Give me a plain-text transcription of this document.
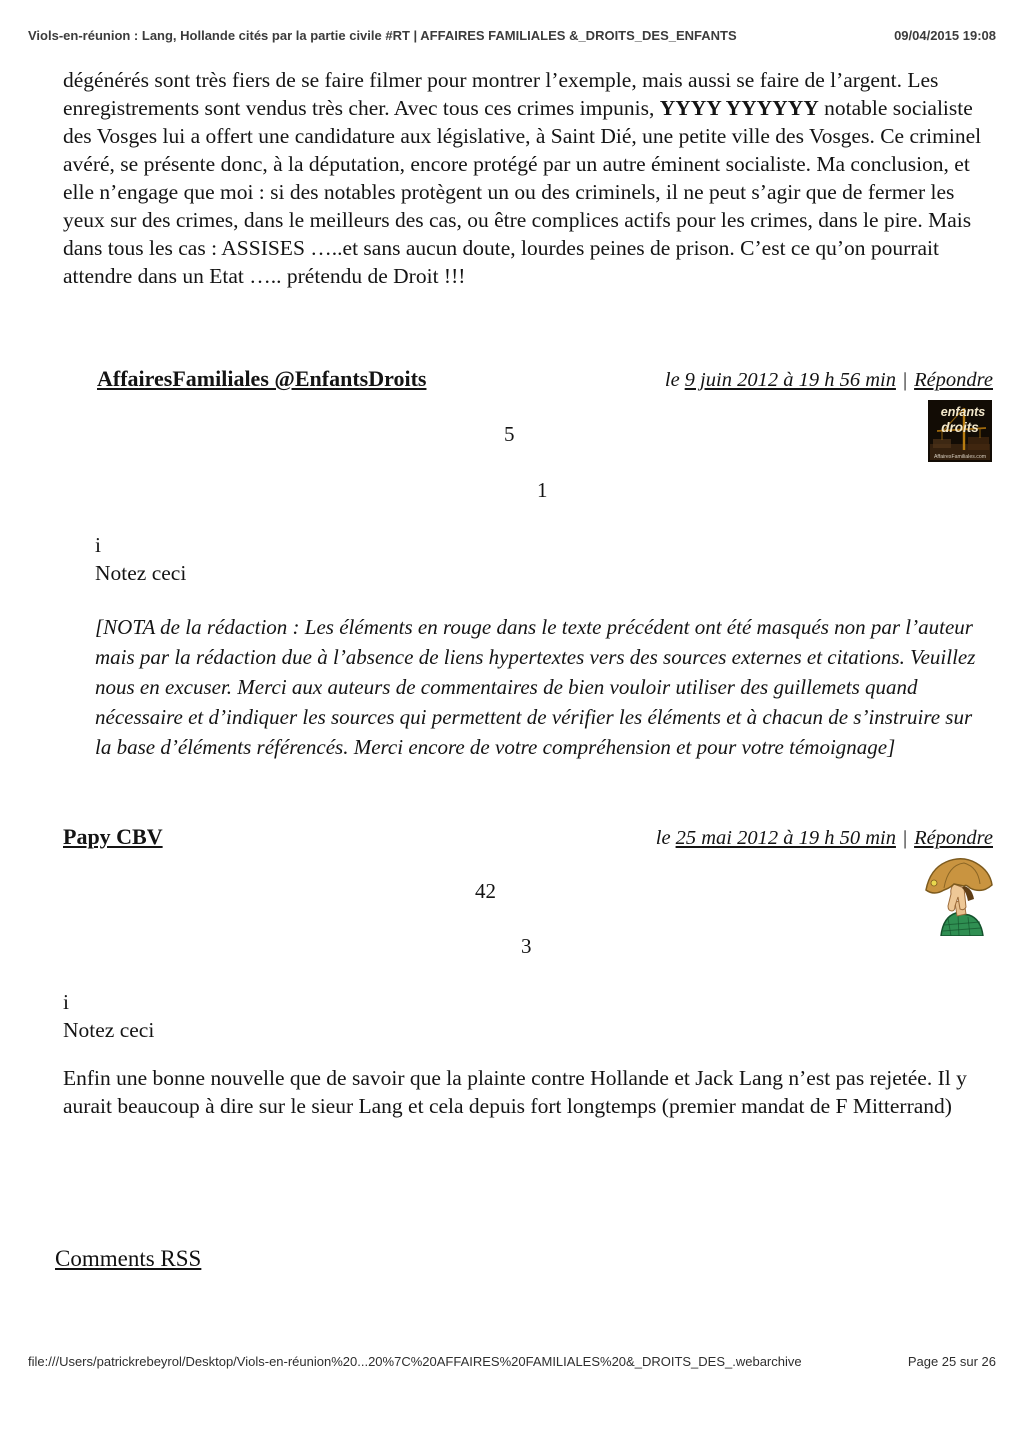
Viols-en-réunion : Lang, Hollande cités par la partie civile #RT | AFFAIRES FAMILIALES &_DROITS_DES_ENFANTS	09/04/2015 19:08
dégénérés sont très fiers de se faire filmer pour montrer l’exemple, mais aussi se faire de l’argent. Les enregistrements sont vendus très cher. Avec tous ces crimes impunis, YYYY YYYYYY notable socialiste des Vosges lui a offert une candidature aux législative, à Saint Dié, une petite ville des Vosges. Ce criminel avéré, se présente donc, à la députation, encore protégé par un autre éminent socialiste. Ma conclusion, et elle n’engage que moi : si des notables protègent un ou des criminels, il ne peut s’agir que de fermer les yeux sur des crimes, dans le meilleurs des cas, ou être complices actifs pour les crimes, dans le pire. Mais dans tous les cas : ASSISES …..et sans aucun doute, lourdes peines de prison. C’est ce qu’on pourrait attendre dans un Etat ….. prétendu de Droit !!!
AffairesFamiliales @EnfantsDroits	le 9 juin 2012 à 19 h 56 min | Répondre
enfants
droits
AffairesFamiliales.com
5
1
i
Notez ceci
[NOTA de la rédaction : Les éléments en rouge dans le texte précédent ont été masqués non par l’auteur mais par la rédaction due à l’absence de liens hypertextes vers des sources externes et citations. Veuillez nous en excuser. Merci aux auteurs de commentaires de bien vouloir utiliser des guillemets quand nécessaire et d’indiquer les sources qui permettent de vérifier les éléments et à chacun de s’instruire sur la base d’éléments référencés. Merci encore de votre compréhension et pour votre témoignage]
Papy CBV	le 25 mai 2012 à 19 h 50 min | Répondre
42
3
i
Notez ceci
Enfin une bonne nouvelle que de savoir que la plainte contre Hollande et Jack Lang n’est pas rejetée. Il y aurait beaucoup à dire sur le sieur Lang et cela depuis fort longtemps (premier mandat de F Mitterrand)
Comments RSS
file:///Users/patrickrebeyrol/Desktop/Viols-en-réunion%20...20%7C%20AFFAIRES%20FAMILIALES%20&_DROITS_DES_.webarchive	Page 25 sur 26
